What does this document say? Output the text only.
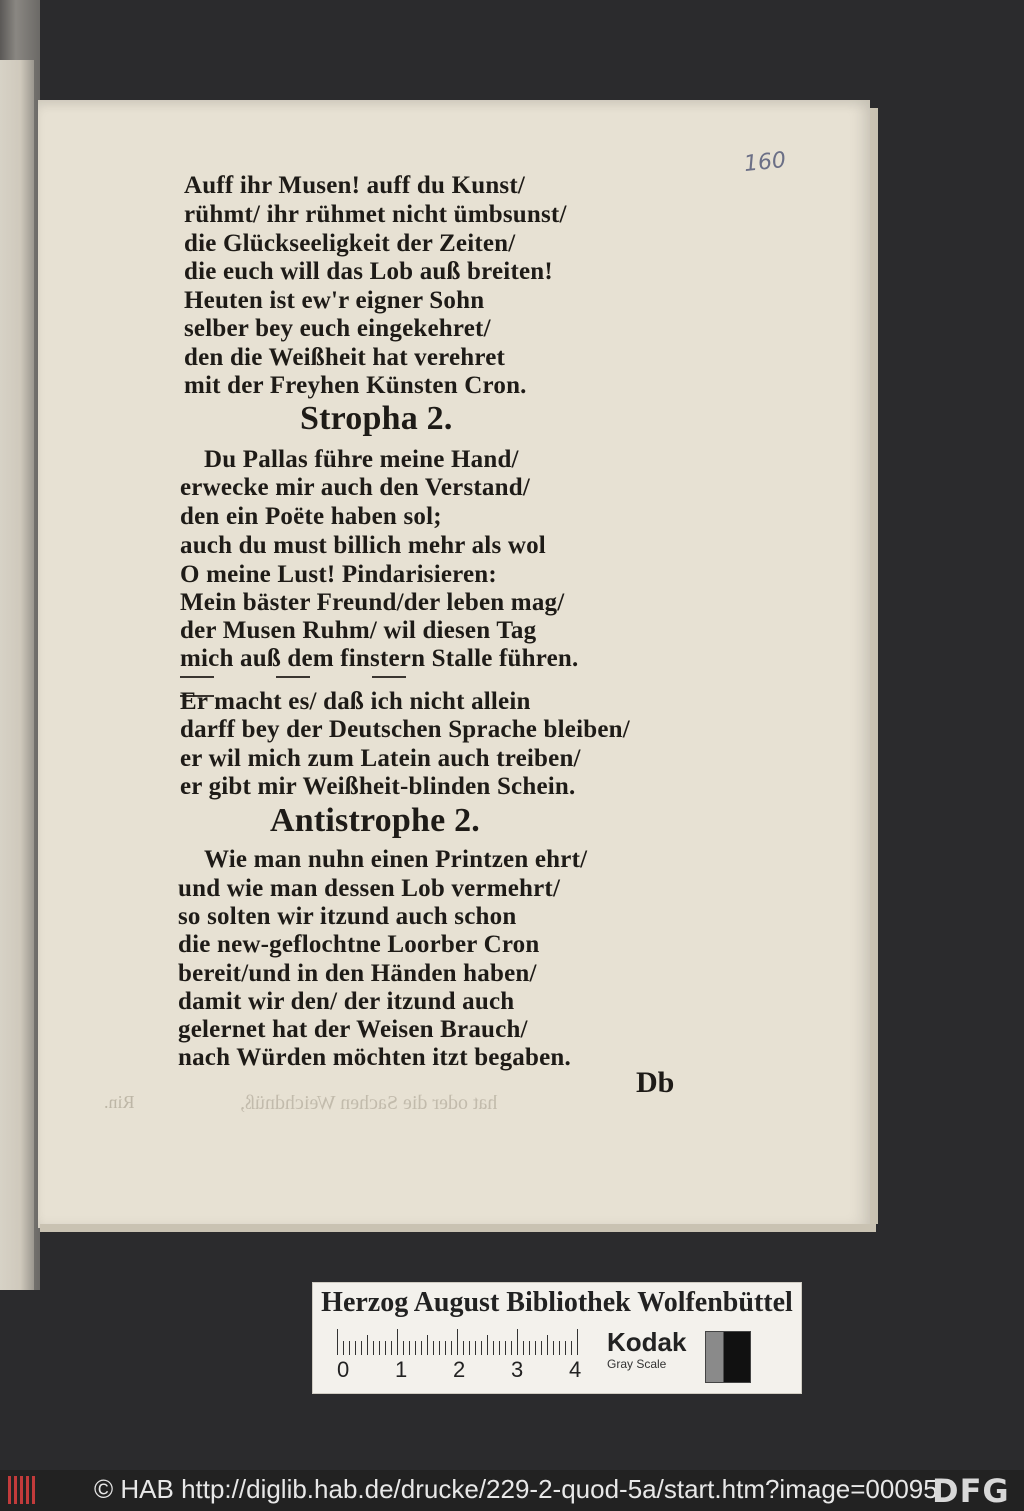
160
Auff ihr Musen! auff du Kunst/
rühmt/ ihr rühmet nicht ümbsunst/
die Glückseeligkeit der Zeiten/
die euch will das Lob auß breiten!
Heuten ist ew'r eigner Sohn
selber bey euch eingekehret/
den die Weißheit hat verehret
mit der Freyhen Künsten Cron.
Stropha 2.
Du Pallas führe meine Hand/
erwecke mir auch den Verstand/
den ein Poëte haben sol;
auch du must billich mehr als wol
O meine Lust! Pindarisieren:
Mein bäster Freund/der leben mag/
der Musen Ruhm/ wil diesen Tag
mich auß dem finstern Stalle führen.
Er macht es/ daß ich nicht allein
darff bey der Deutschen Sprache bleiben/
er wil mich zum Latein auch treiben/
er gibt mir Weißheit-blinden Schein.
Antistrophe 2.
Wie man nuhn einen Printzen ehrt/
und wie man dessen Lob vermehrt/
so solten wir itzund auch schon
die new-geflochtne Loorber Cron
bereit/und in den Händen haben/
damit wir den/ der itzund auch
gelernet hat der Weisen Brauch/
nach Würden möchten itzt begaben.
Db
hat oder die Sachen Weichdnüß,
Rin.
Herzog August Bibliothek Wolfenbüttel
0 1 2 3 4
Kodak
Gray Scale
© HAB http://diglib.hab.de/drucke/229-2-quod-5a/start.htm?image=00095
DFG
